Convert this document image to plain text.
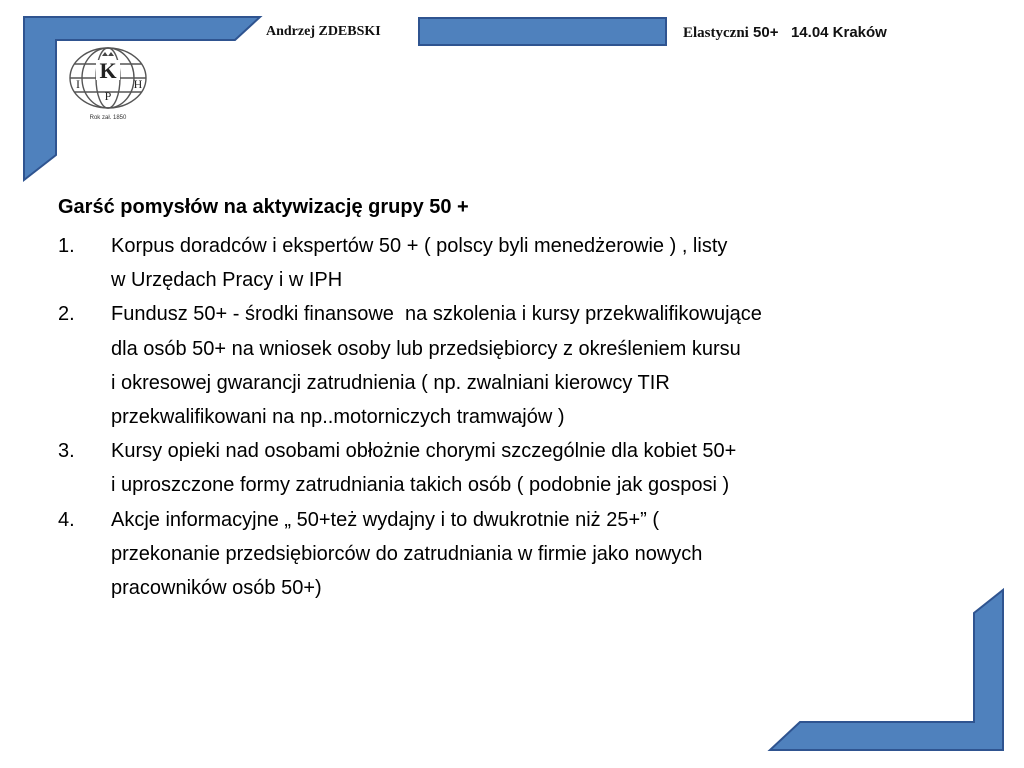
Andrzej ZDEBSKI	Elastyczni 50+   14.04 Kraków
K
I
P
H
Rok zał. 1850
Garść pomysłów na aktywizację grupy 50 +
1. Korpus doradców i ekspertów 50 + ( polscy byli menedżerowie ) , listy
w Urzędach Pracy i w IPH
2. Fundusz 50+ - środki finansowe  na szkolenia i kursy przekwalifikowujące
dla osób 50+ na wniosek osoby lub przedsiębiorcy z określeniem kursu
i okresowej gwarancji zatrudnienia ( np. zwalniani kierowcy TIR
przekwalifikowani na np..motorniczych tramwajów )
3. Kursy opieki nad osobami obłożnie chorymi szczególnie dla kobiet 50+
i uproszczone formy zatrudniania takich osób ( podobnie jak gosposi )
4. Akcje informacyjne „ 50+też wydajny i to dwukrotnie niż 25+” (
przekonanie przedsiębiorców do zatrudniania w firmie jako nowych
pracowników osób 50+)
